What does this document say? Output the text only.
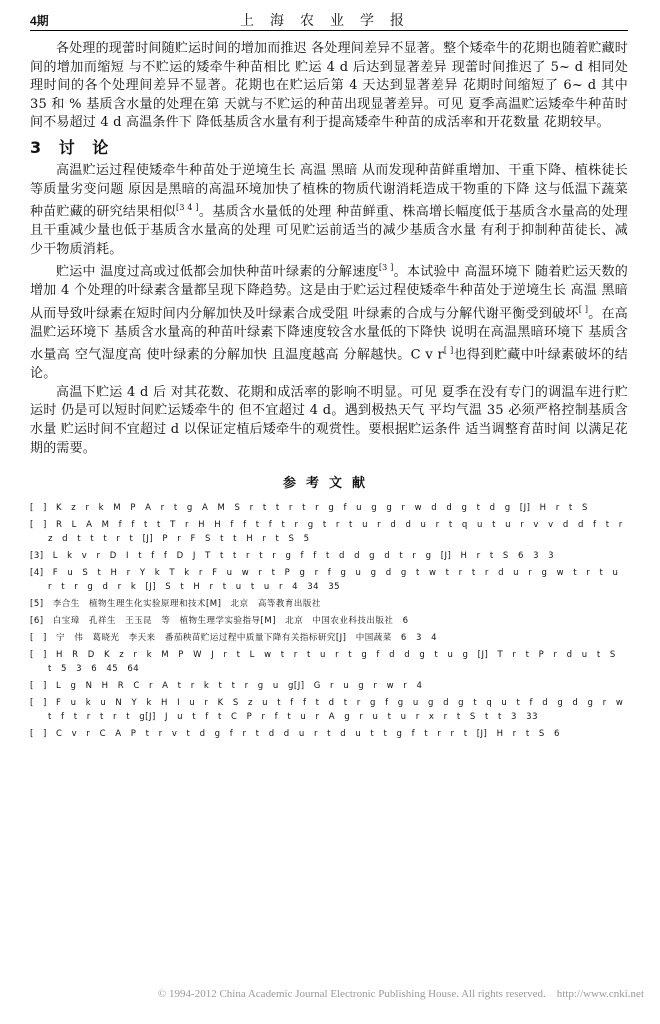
4期	上海农业学报

各处理的现蕾时间随贮运时间的增加而推迟 各处理间差异不显著。整个矮牵牛的花期也随着贮藏时间的增加而缩短 与不贮运的矮牵牛种苗相比 贮运 4 d 后达到显著差异 现蕾时间推迟了 5~ d 相同处理时间的各个处理间差异不显著。花期也在贮运后第 4 天达到显著差异 花期时间缩短了 6~ d 其中 35 和 % 基质含水量的处理在第 天就与不贮运的种苗出现显著差异。可见 夏季高温贮运矮牵牛种苗时间不易超过 4 d 高温条件下 降低基质含水量有利于提高矮牵牛种苗的成活率和开花数量 花期较早。

3 讨 论

高温贮运过程使矮牵牛种苗处于逆境生长 高温 黑暗 从而发现种苗鲜重增加、干重下降、植株徒长等质量劣变问题 原因是黑暗的高温环境加快了植株的物质代谢消耗造成干物重的下降 这与低温下蔬菜种苗贮藏的研究结果相似[3 4 ]。基质含水量低的处理 种苗鲜重、株高增长幅度低于基质含水量高的处理 且干重减少量也低于基质含水量高的处理 可见贮运前适当的减少基质含水量 有利于抑制种苗徒长、减少干物质消耗。

贮运中 温度过高或过低都会加快种苗叶绿素的分解速度[3 ]。本试验中 高温环境下 随着贮运天数的增加 4 个处理的叶绿素含量都呈现下降趋势。这是由于贮运过程使矮牵牛种苗处于逆境生长 高温 黑暗 从而导致叶绿素在短时间内分解加快及叶绿素合成受阻 叶绿素的合成与分解代谢平衡受到破坏[ ]。在高温贮运环境下 基质含水量高的种苗叶绿素下降速度较含水量低的下降快 说明在高温黑暗环境下 基质含水量高 空气湿度高 使叶绿素的分解加快 且温度越高 分解越快。C v r[ ]也得到贮藏中叶绿素破坏的结论。

高温下贮运 4 d 后 对其花数、花期和成活率的影响不明显。可见 夏季在没有专门的调温车进行贮运时 仍是可以短时间贮运矮牵牛的 但不宜超过 4 d。遇到极热天气 平均气温 35 必须严格控制基质含水量 贮运时间不宜超过 d 以保证定植后矮牵牛的观赏性。要根据贮运条件 适当调整育苗时间 以满足花期的需要。

参考文献
[ ] K z r k M P A r t g A M S r t t r t r g f u g g r w d d g t d g [J] H r t S
[ ] R L A M f f t t T r H H f f t f t r g t r t u r d d u r t q u t u r v v d d f t r z d t t t r t [J] P r F S t t H r t S 5
[3] L k v r D I t f f D J T t t r t r g f f t d d g d t r g [J] H r t S 6 3 3
[4] F u S t H r Y k T k r F u w r t P g r f g u g d g t w t r t r d u r g w t r t u r t r g d r k [J] S t H r t u t u r 4 34 35
[5] 李合生 植物生理生化实验原理和技术[M] 北京 高等教育出版社
[6] 白宝璋 孔祥生 王玉昆 等 植物生理学实验指导[M] 北京 中国农业科技出版社 6
[ ] 宁 伟 葛晓光 李天来 番茄秧苗贮运过程中质量下降有关指标研究[J] 中国蔬菜 6 3 4
[ ] H R D K z r k M P W J r t L w t r t u r t g f d d g t u g [J] T r t P r d u t S t 5 3 6 45 64
[ ] L g N H R C r A t r k t t r g u g[J] G r u g r w r 4
[ ] F u k u N Y k H I u r K S z u t f f t d t r g f g u g d g t q u t f d g d g r w t f t r t r t g[J] J u t f t C P r f t u r A g r u t u r x r t S t t 3 33
[ ] C v r C A P t r v t d g f r t d d u r t d u t t g f t r r t [J] H r t S 6
© 1994-2012 China Academic Journal Electronic Publishing House. All rights reserved. http://www.cnki.net
